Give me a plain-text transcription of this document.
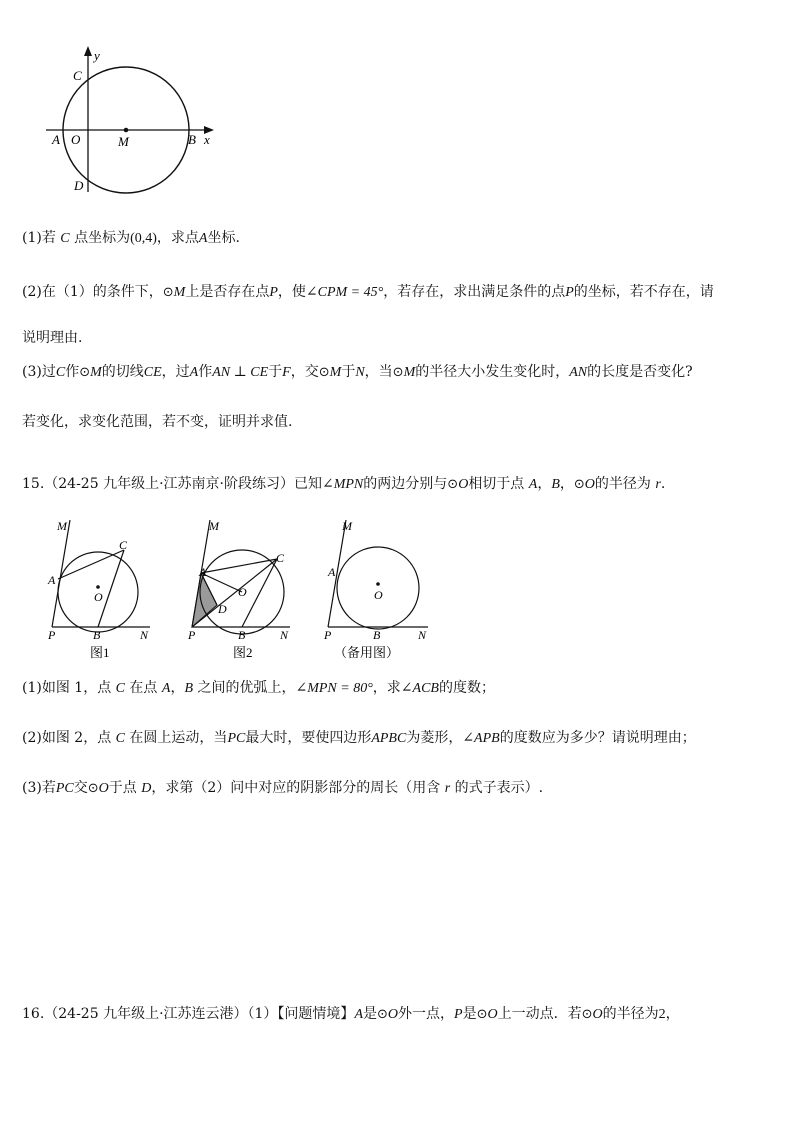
y
x
C
A O	M	B
D
(1)若 C 点坐标为(0,4)，求点A坐标.
(2)在（1）的条件下，⊙M上是否存在点P，使∠CPM = 45°，若存在，求出满足条件的点P的坐标，若不存在，请
说明理由.
(3)过C作⊙M的切线CE，过A作AN ⊥ CE于F，交⊙M于N，当⊙M的半径大小发生变化时，AN的长度是否变化?
若变化，求变化范围，若不变，证明并求值.
15.（24-25 九年级上·江苏南京·阶段练习）已知∠MPN的两边分别与⊙O相切于点 A，B，⊙O的半径为 r.
M
C
A
O
P	B	N
图1
M
C
A
O
D
P	B	N
图2
M
A
O
P	B	N
（备用图）
(1)如图 1，点 C 在点 A，B 之间的优弧上，∠MPN = 80°，求∠ACB的度数；
(2)如图 2，点 C 在圆上运动，当PC最大时，要使四边形APBC为菱形，∠APB的度数应为多少？请说明理由；
(3)若PC交⊙O于点 D，求第（2）问中对应的阴影部分的周长（用含 r 的式子表示）.
16.（24-25 九年级上·江苏连云港）（1）【问题情境】A是⊙O外一点，P是⊙O上一动点．若⊙O的半径为2，
